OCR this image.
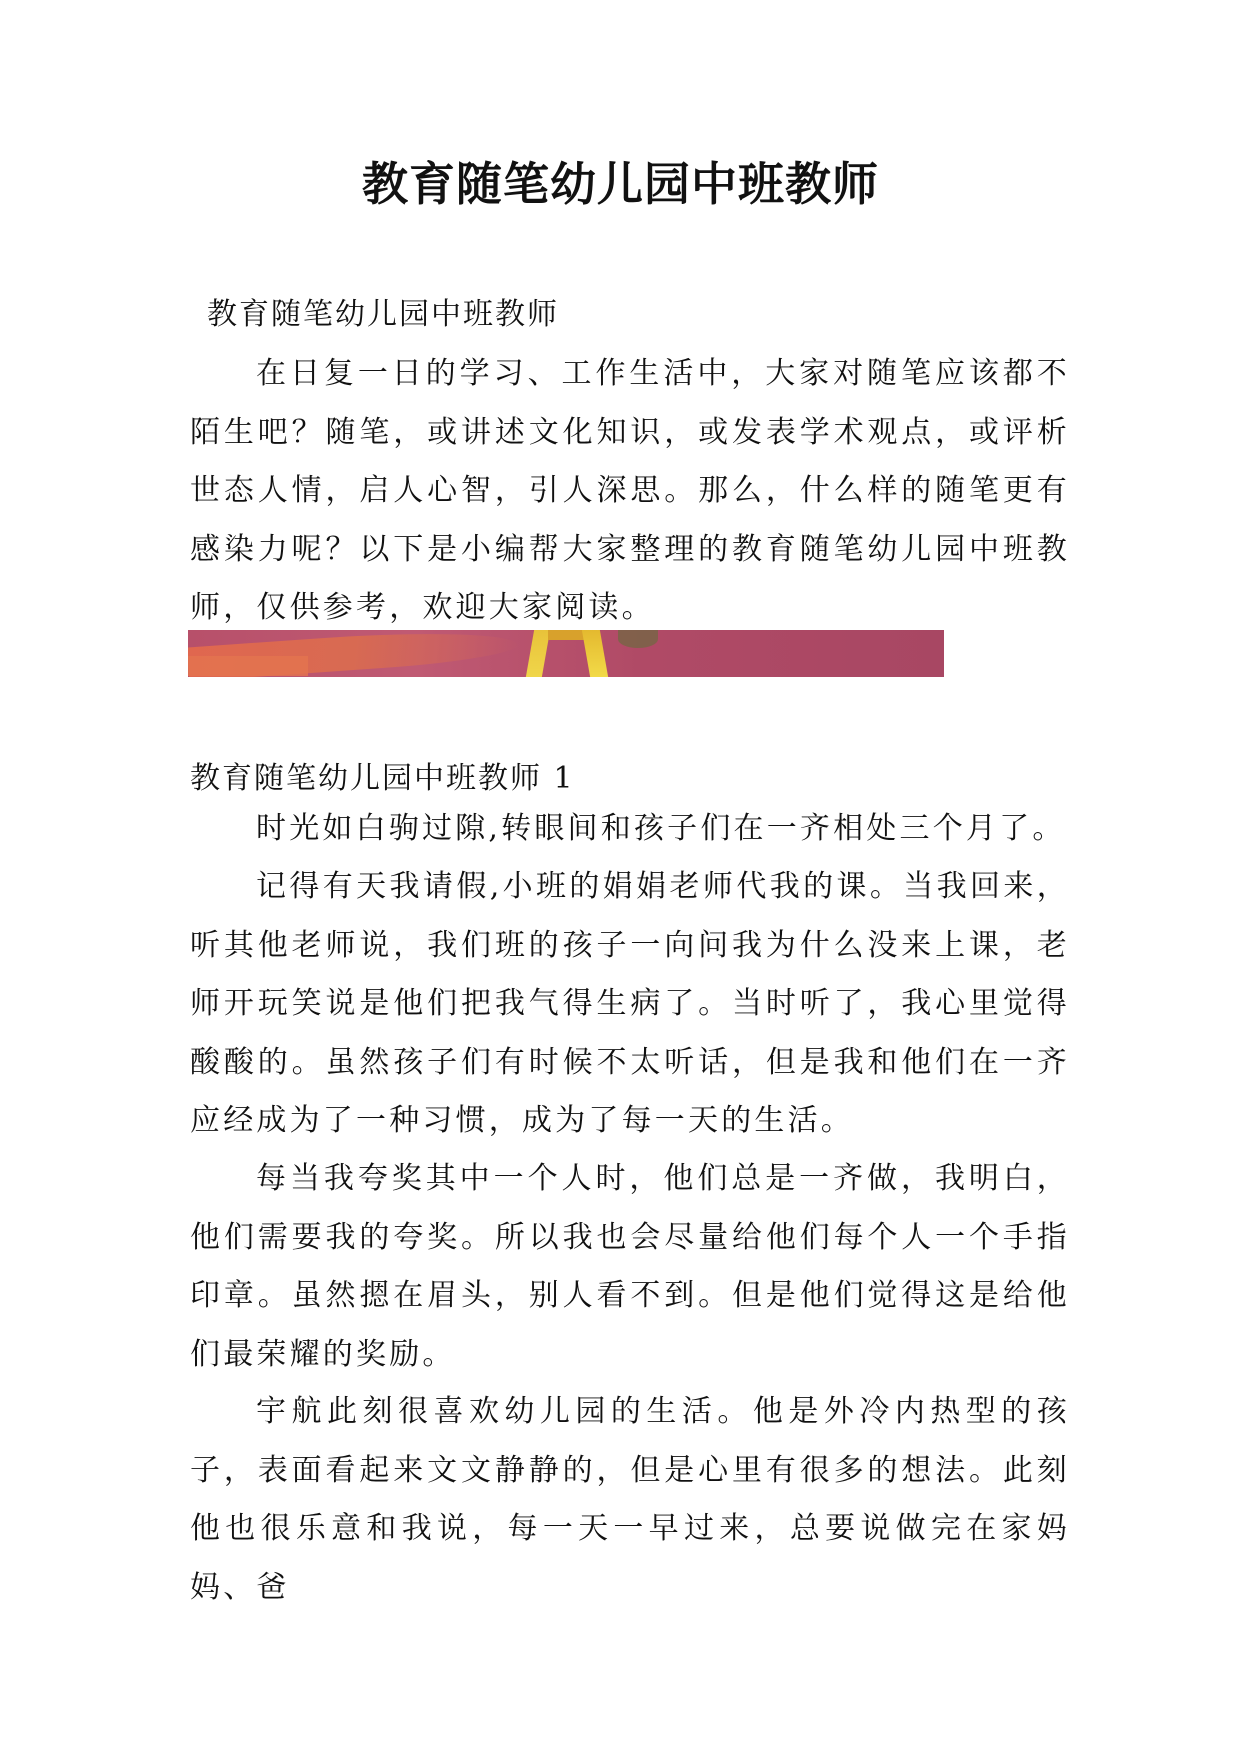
教育随笔幼儿园中班教师

教育随笔幼儿园中班教师

在日复一日的学习、工作生活中，大家对随笔应该都不陌生吧？随笔，或讲述文化知识，或发表学术观点，或评析世态人情，启人心智，引人深思。那么，什么样的随笔更有感染力呢？以下是小编帮大家整理的教育随笔幼儿园中班教师，仅供参考，欢迎大家阅读。

教育随笔幼儿园中班教师 1

时光如白驹过隙,转眼间和孩子们在一齐相处三个月了。

记得有天我请假,小班的娟娟老师代我的课。当我回来，听其他老师说，我们班的孩子一向问我为什么没来上课，老师开玩笑说是他们把我气得生病了。当时听了，我心里觉得酸酸的。虽然孩子们有时候不太听话，但是我和他们在一齐应经成为了一种习惯，成为了每一天的生活。

每当我夸奖其中一个人时，他们总是一齐做，我明白，他们需要我的夸奖。所以我也会尽量给他们每个人一个手指印章。虽然摁在眉头，别人看不到。但是他们觉得这是给他们最荣耀的奖励。

宇航此刻很喜欢幼儿园的生活。他是外冷内热型的孩子，表面看起来文文静静的，但是心里有很多的想法。此刻他也很乐意和我说，每一天一早过来，总要说做完在家妈妈、爸
